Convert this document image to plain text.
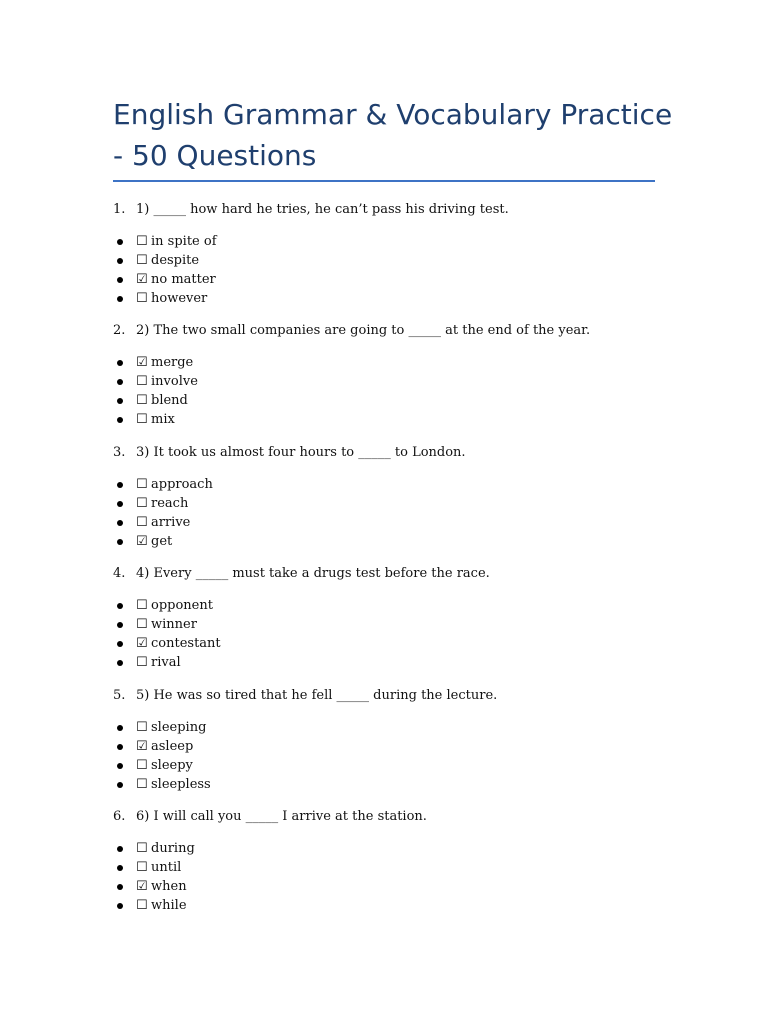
English Grammar & Vocabulary Practice - 50 Questions
1. 1) _____ how hard he tries, he can’t pass his driving test.
☐ in spite of
☐ despite
☑ no matter
☐ however
2. 2) The two small companies are going to _____ at the end of the year.
☑ merge
☐ involve
☐ blend
☐ mix
3. 3) It took us almost four hours to _____ to London.
☐ approach
☐ reach
☐ arrive
☑ get
4. 4) Every _____ must take a drugs test before the race.
☐ opponent
☐ winner
☑ contestant
☐ rival
5. 5) He was so tired that he fell _____ during the lecture.
☐ sleeping
☑ asleep
☐ sleepy
☐ sleepless
6. 6) I will call you _____ I arrive at the station.
☐ during
☐ until
☑ when
☐ while
